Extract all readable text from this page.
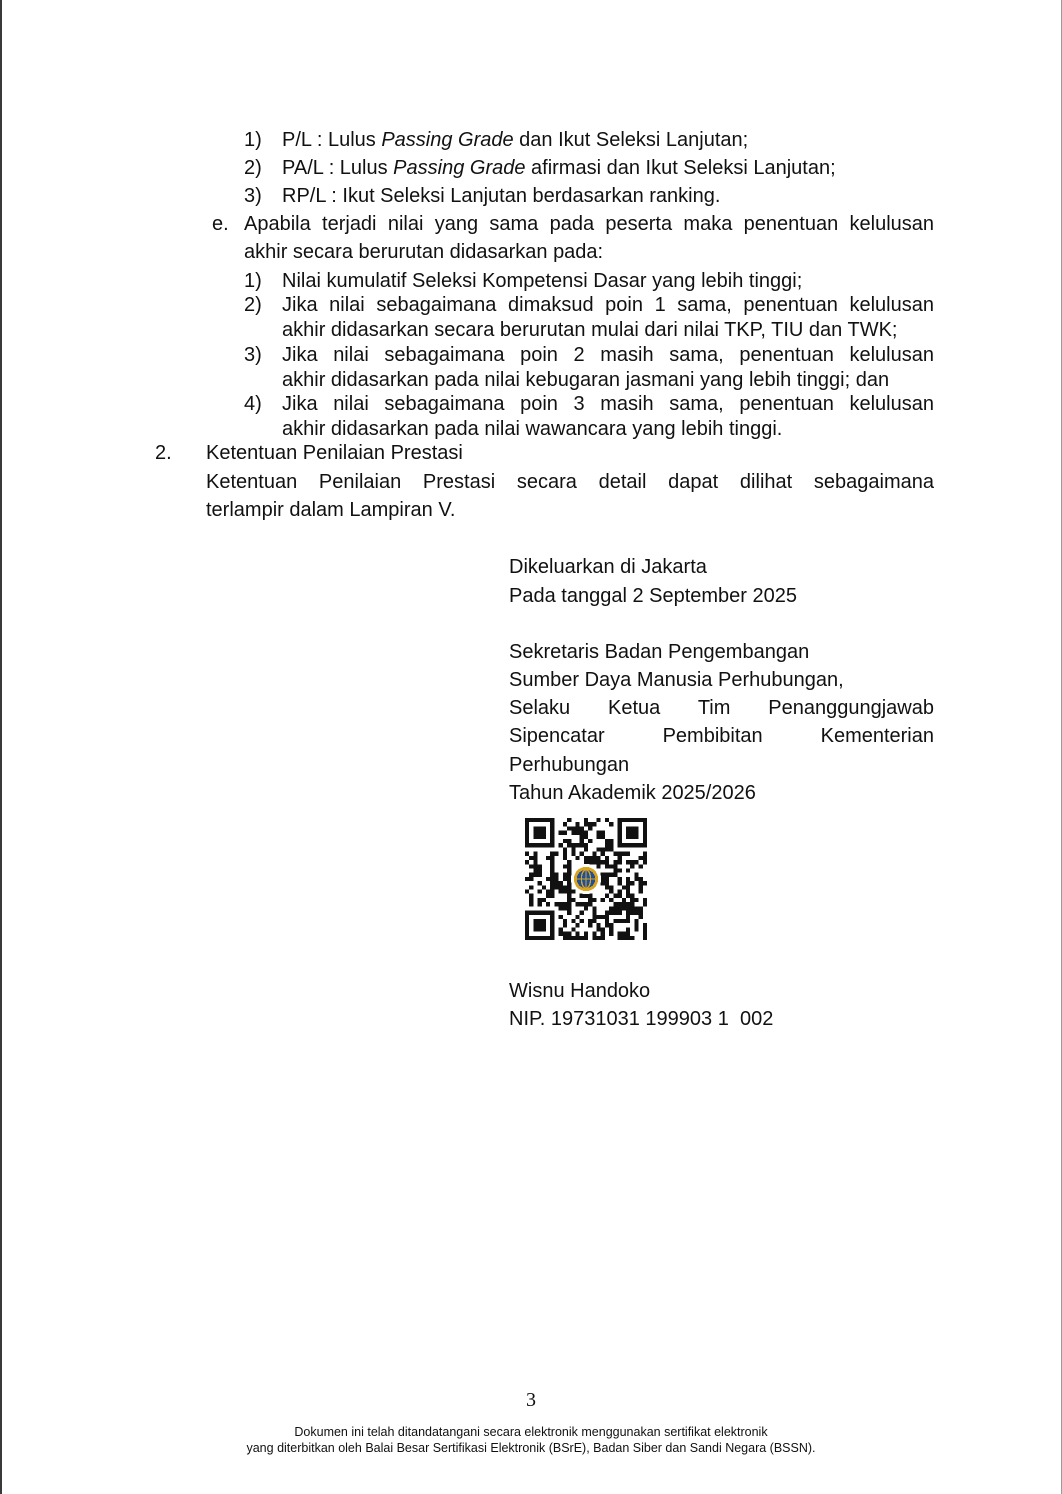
1) P/L : Lulus Passing Grade dan Ikut Seleksi Lanjutan;
2) PA/L : Lulus Passing Grade afirmasi dan Ikut Seleksi Lanjutan;
3) RP/L : Ikut Seleksi Lanjutan berdasarkan ranking.
e. Apabila terjadi nilai yang sama pada peserta maka penentuan kelulusan
akhir secara berurutan didasarkan pada:
1) Nilai kumulatif Seleksi Kompetensi Dasar yang lebih tinggi;
2) Jika nilai sebagaimana dimaksud poin 1 sama, penentuan kelulusan
akhir didasarkan secara berurutan mulai dari nilai TKP, TIU dan TWK;
3) Jika nilai sebagaimana poin 2 masih sama, penentuan kelulusan
akhir didasarkan pada nilai kebugaran jasmani yang lebih tinggi; dan
4) Jika nilai sebagaimana poin 3 masih sama, penentuan kelulusan
akhir didasarkan pada nilai wawancara yang lebih tinggi.
2. Ketentuan Penilaian Prestasi
Ketentuan Penilaian Prestasi secara detail dapat dilihat sebagaimana
terlampir dalam Lampiran V.
Dikeluarkan di Jakarta
Pada tanggal 2 September 2025
Sekretaris Badan Pengembangan
Sumber Daya Manusia Perhubungan,
Selaku Ketua Tim Penanggungjawab
Sipencatar Pembibitan Kementerian
Perhubungan
Tahun Akademik 2025/2026
Wisnu Handoko
NIP. 19731031 199903 1  002
3
Dokumen ini telah ditandatangani secara elektronik menggunakan sertifikat elektronik
yang diterbitkan oleh Balai Besar Sertifikasi Elektronik (BSrE), Badan Siber dan Sandi Negara (BSSN).
